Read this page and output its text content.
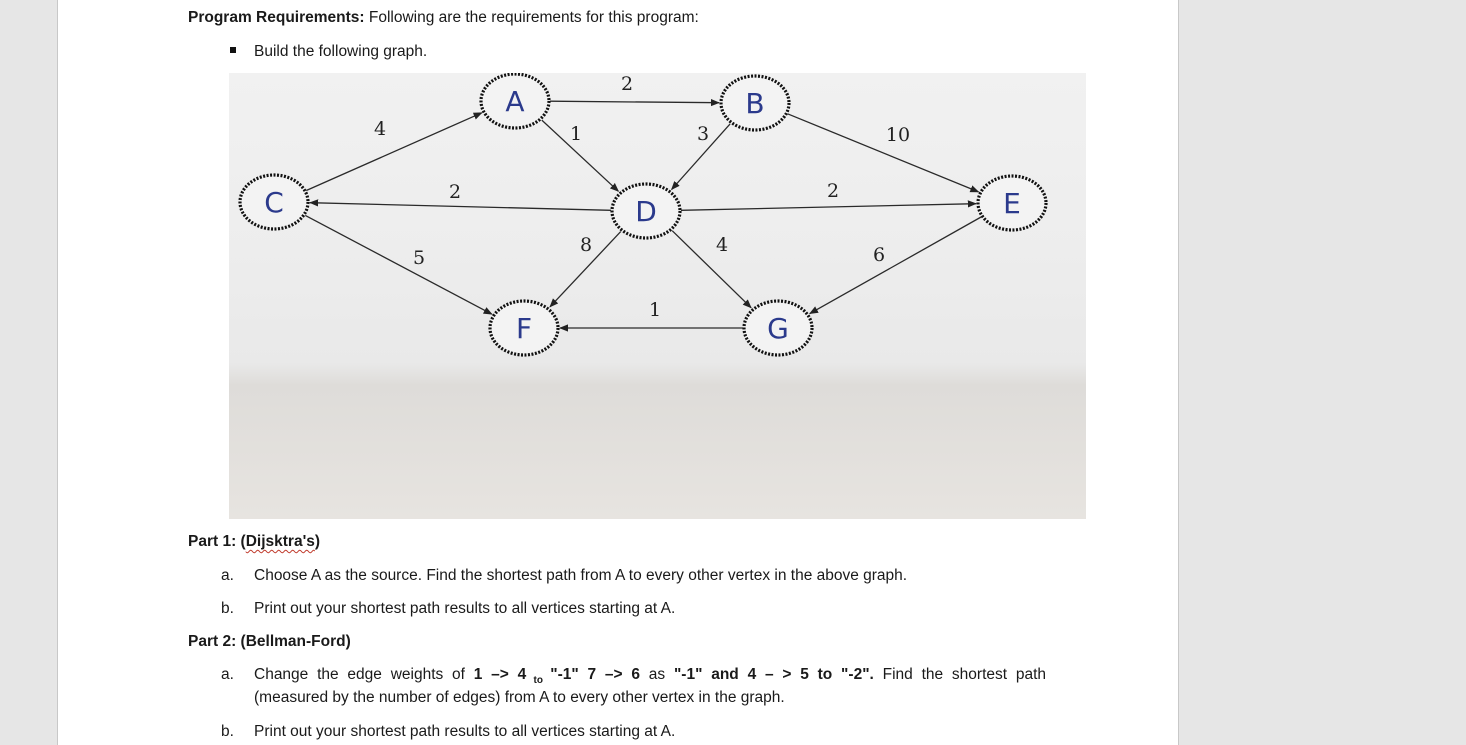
Program Requirements: Following are the requirements for this program:
Build the following graph.
A	B
C	D	E
F	G
4
2
1	3	10
2	2
5
8	4
1
6
Part 1: (Dijsktra's)
a. Choose A as the source. Find the shortest path from A to every other vertex in the above graph.
b. Print out your shortest path results to all vertices starting at A.
Part 2: (Bellman-Ford)
a. Change the edge weights of 1 –> 4 $_{to}$ "-1" 7 –> 6 as "-1" and 4 – > 5 to "-2". Find the shortest path
(measured by the number of edges) from A to every other vertex in the graph.
b. Print out your shortest path results to all vertices starting at A.
